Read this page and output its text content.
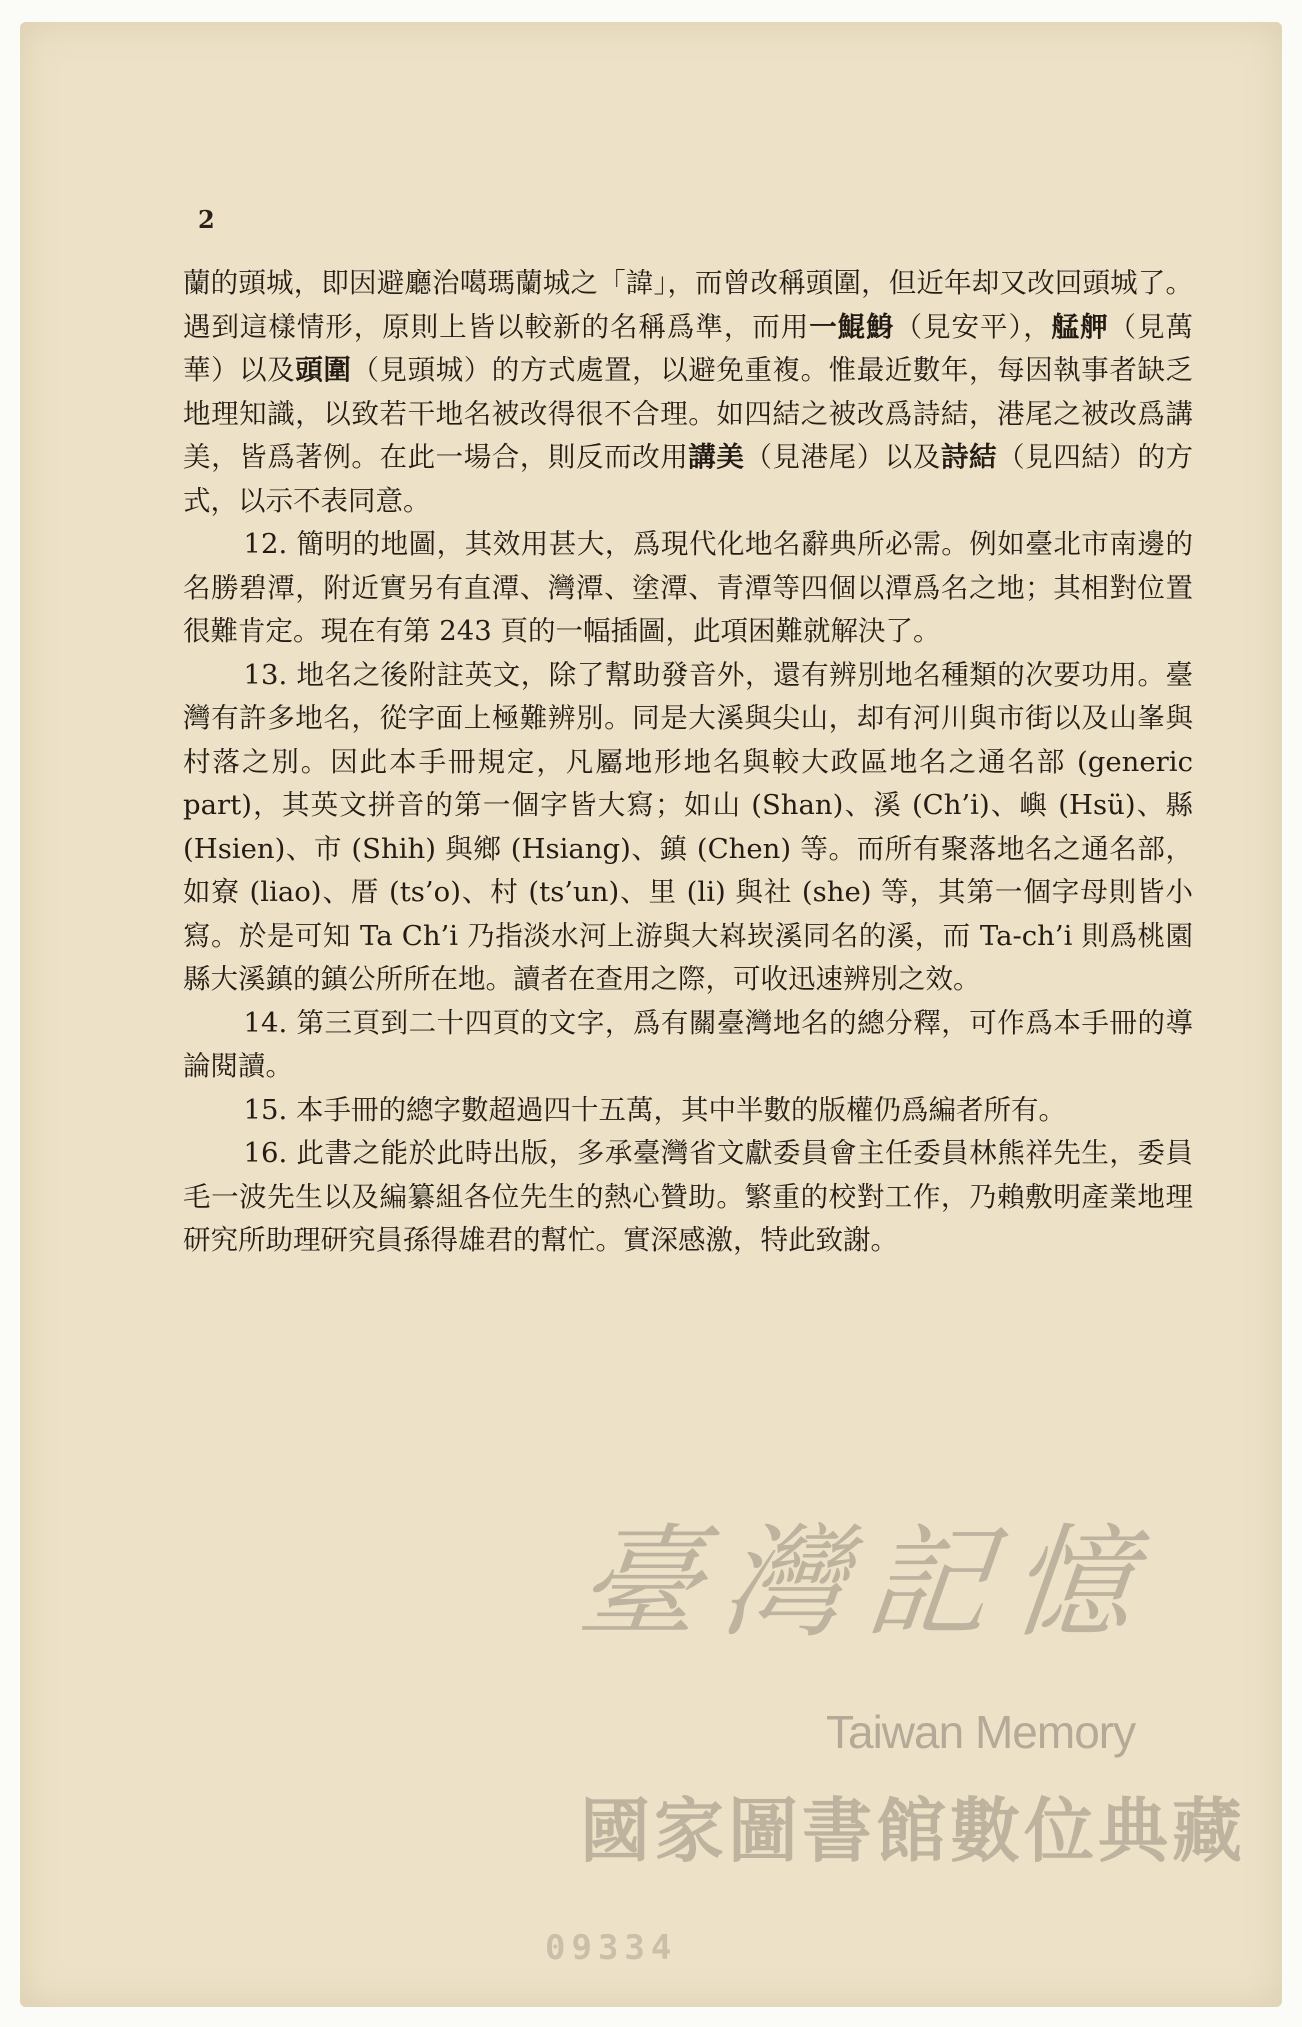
2

蘭的頭城，即因避廳治噶瑪蘭城之「諱」，而曾改稱頭圍，但近年却又改回頭城了。遇到這樣情形，原則上皆以較新的名稱爲準，而用一鯤鯓（見安平），艋舺（見萬華）以及頭圍（見頭城）的方式處置，以避免重複。惟最近數年，每因執事者缺乏地理知識，以致若干地名被改得很不合理。如四結之被改爲詩結，港尾之被改爲講美，皆爲著例。在此一場合，則反而改用講美（見港尾）以及詩結（見四結）的方式，以示不表同意。

12. 簡明的地圖，其效用甚大，爲現代化地名辭典所必需。例如臺北市南邊的名勝碧潭，附近實另有直潭、灣潭、塗潭、青潭等四個以潭爲名之地；其相對位置很難肯定。現在有第 243 頁的一幅插圖，此項困難就解決了。

13. 地名之後附註英文，除了幫助發音外，還有辨別地名種類的次要功用。臺灣有許多地名，從字面上極難辨別。同是大溪與尖山，却有河川與市街以及山峯與村落之別。因此本手冊規定，凡屬地形地名與較大政區地名之通名部 (generic part)，其英文拼音的第一個字皆大寫；如山 (Shan)、溪 (Ch’i)、嶼 (Hsü)、縣 (Hsien)、市 (Shih) 與鄉 (Hsiang)、鎮 (Chen) 等。而所有聚落地名之通名部，如寮 (liao)、厝 (ts’o)、村 (ts’un)、里 (li) 與社 (she) 等，其第一個字母則皆小寫。於是可知 Ta Ch’i 乃指淡水河上游與大嵙崁溪同名的溪，而 Ta-ch’i 則爲桃園縣大溪鎮的鎮公所所在地。讀者在查用之際，可收迅速辨別之效。

14. 第三頁到二十四頁的文字，爲有關臺灣地名的總分釋，可作爲本手冊的導論閱讀。

15. 本手冊的總字數超過四十五萬，其中半數的版權仍爲編者所有。

16. 此書之能於此時出版，多承臺灣省文獻委員會主任委員林熊祥先生，委員毛一波先生以及編纂組各位先生的熱心贊助。繁重的校對工作，乃賴敷明產業地理研究所助理研究員孫得雄君的幫忙。實深感激，特此致謝。

臺灣記憶
Taiwan Memory
國家圖書館數位典藏
09334
